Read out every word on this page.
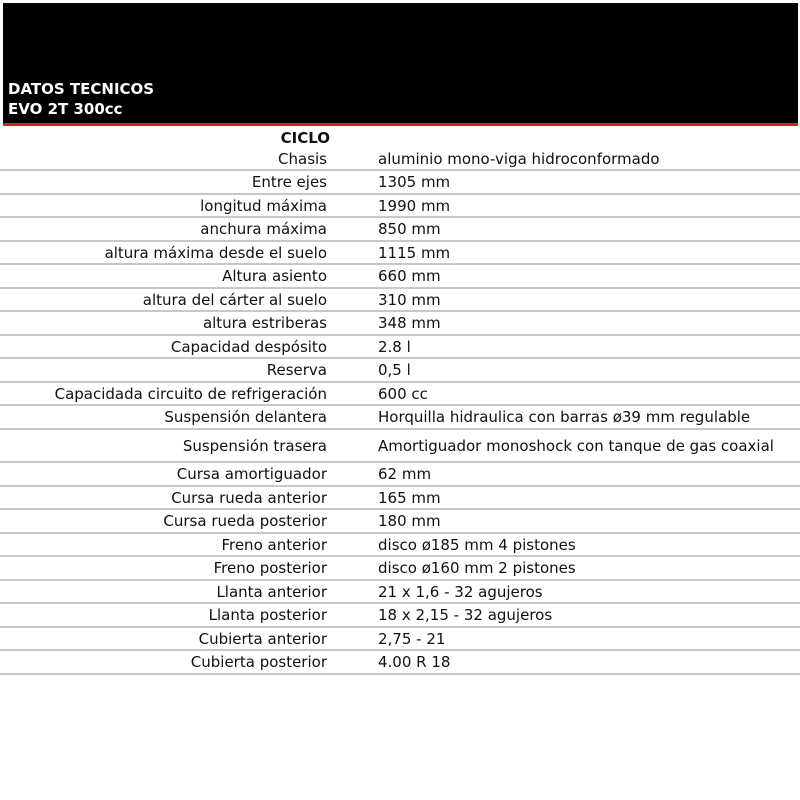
DATOS TECNICOS
EVO 2T 300cc
CICLO
Chasis	aluminio mono-viga hidroconformado
Entre ejes	1305 mm
longitud máxima	1990 mm
anchura máxima	850 mm
altura máxima desde el suelo	1115 mm
Altura asiento	660 mm
altura del cárter al suelo	310 mm
altura estriberas	348 mm
Capacidad despósito	2.8 l
Reserva	0,5 l
Capacidada circuito de refrigeración	600 cc
Suspensión delantera	Horquilla hidraulica con barras ø39 mm regulable
Suspensión trasera	Amortiguador monoshock con tanque de gas coaxial
Cursa amortiguador	62 mm
Cursa rueda anterior	165 mm
Cursa rueda posterior	180 mm
Freno anterior	disco ø185 mm 4 pistones
Freno posterior	disco ø160 mm 2 pistones
Llanta anterior	21 x 1,6 - 32 agujeros
Llanta posterior	18 x 2,15 - 32 agujeros
Cubierta anterior	2,75 - 21
Cubierta posterior	4.00 R 18
